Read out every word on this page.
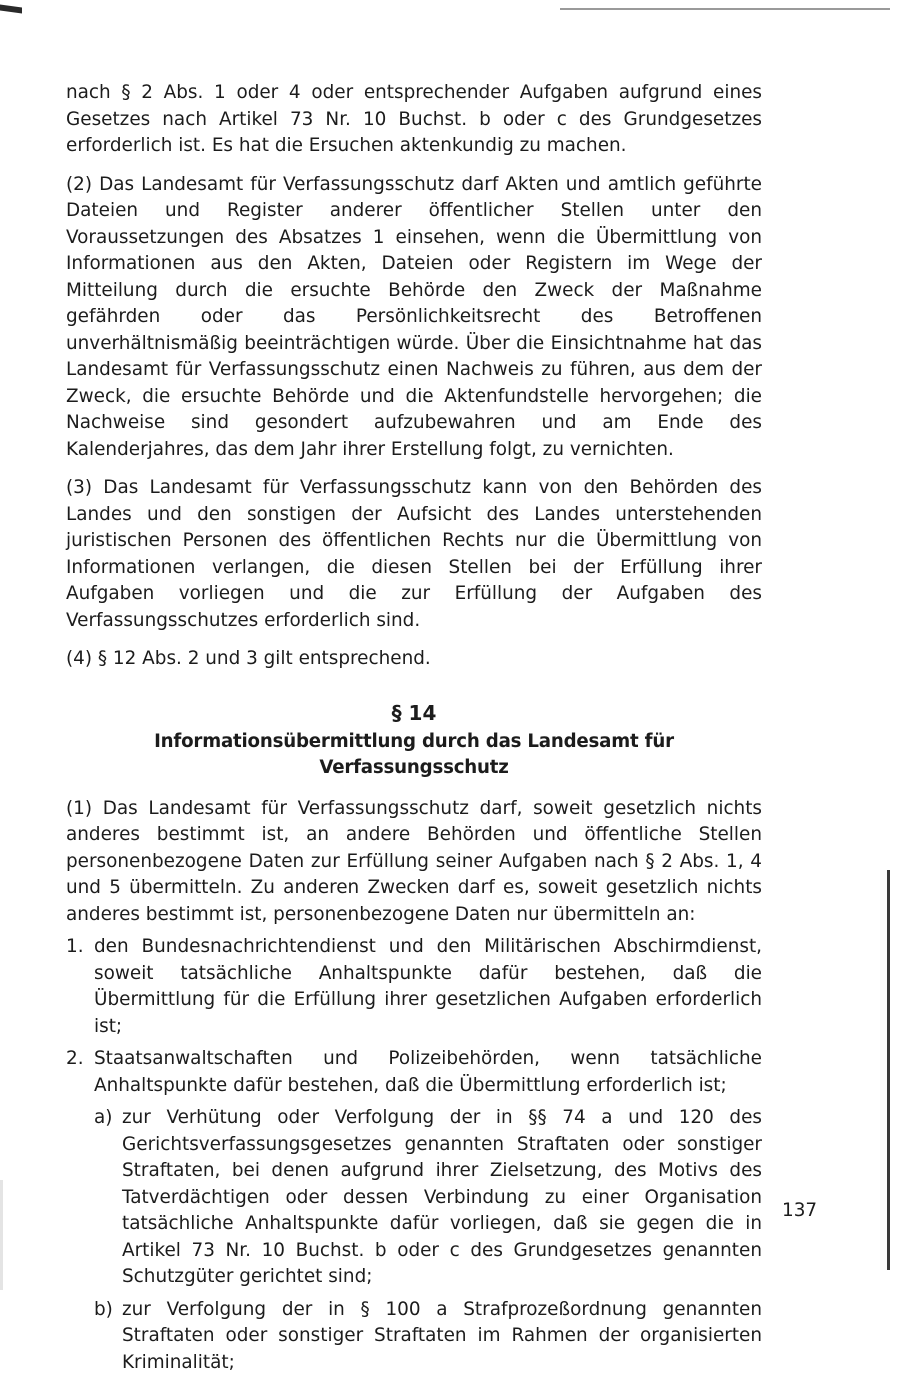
nach § 2 Abs. 1 oder 4 oder entsprechender Aufgaben aufgrund eines Gesetzes nach Artikel 73 Nr. 10 Buchst. b oder c des Grundgesetzes erforderlich ist. Es hat die Ersuchen aktenkundig zu machen.

(2) Das Landesamt für Verfassungsschutz darf Akten und amtlich geführte Dateien und Register anderer öffentlicher Stellen unter den Voraussetzungen des Absatzes 1 einsehen, wenn die Übermittlung von Informationen aus den Akten, Dateien oder Registern im Wege der Mitteilung durch die ersuchte Behörde den Zweck der Maßnahme gefährden oder das Persönlichkeitsrecht des Betroffenen unverhältnismäßig beeinträchtigen würde. Über die Einsichtnahme hat das Landesamt für Verfassungsschutz einen Nachweis zu führen, aus dem der Zweck, die ersuchte Behörde und die Aktenfundstelle hervorgehen; die Nachweise sind gesondert aufzubewahren und am Ende des Kalenderjahres, das dem Jahr ihrer Erstellung folgt, zu vernichten.

(3) Das Landesamt für Verfassungsschutz kann von den Behörden des Landes und den sonstigen der Aufsicht des Landes unterstehenden juristischen Personen des öffentlichen Rechts nur die Übermittlung von Informationen verlangen, die diesen Stellen bei der Erfüllung ihrer Aufgaben vorliegen und die zur Erfüllung der Aufgaben des Verfassungsschutzes erforderlich sind.

(4) § 12 Abs. 2 und 3 gilt entsprechend.

§ 14
Informationsübermittlung durch das Landesamt für Verfassungsschutz

(1) Das Landesamt für Verfassungsschutz darf, soweit gesetzlich nichts anderes bestimmt ist, an andere Behörden und öffentliche Stellen personenbezogene Daten zur Erfüllung seiner Aufgaben nach § 2 Abs. 1, 4 und 5 übermitteln. Zu anderen Zwecken darf es, soweit gesetzlich nichts anderes bestimmt ist, personenbezogene Daten nur übermitteln an:

1. den Bundesnachrichtendienst und den Militärischen Abschirmdienst, soweit tatsächliche Anhaltspunkte dafür bestehen, daß die Übermittlung für die Erfüllung ihrer gesetzlichen Aufgaben erforderlich ist;
2. Staatsanwaltschaften und Polizeibehörden, wenn tatsächliche Anhaltspunkte dafür bestehen, daß die Übermittlung erforderlich ist;
a) zur Verhütung oder Verfolgung der in §§ 74 a und 120 des Gerichtsverfassungsgesetzes genannten Straftaten oder sonstiger Straftaten, bei denen aufgrund ihrer Zielsetzung, des Motivs des Tatverdächtigen oder dessen Verbindung zu einer Organisation tatsächliche Anhaltspunkte dafür vorliegen, daß sie gegen die in Artikel 73 Nr. 10 Buchst. b oder c des Grundgesetzes genannten Schutzgüter gerichtet sind;
b) zur Verfolgung der in § 100 a Strafprozeßordnung genannten Straftaten oder sonstiger Straftaten im Rahmen der organisierten Kriminalität;
137
